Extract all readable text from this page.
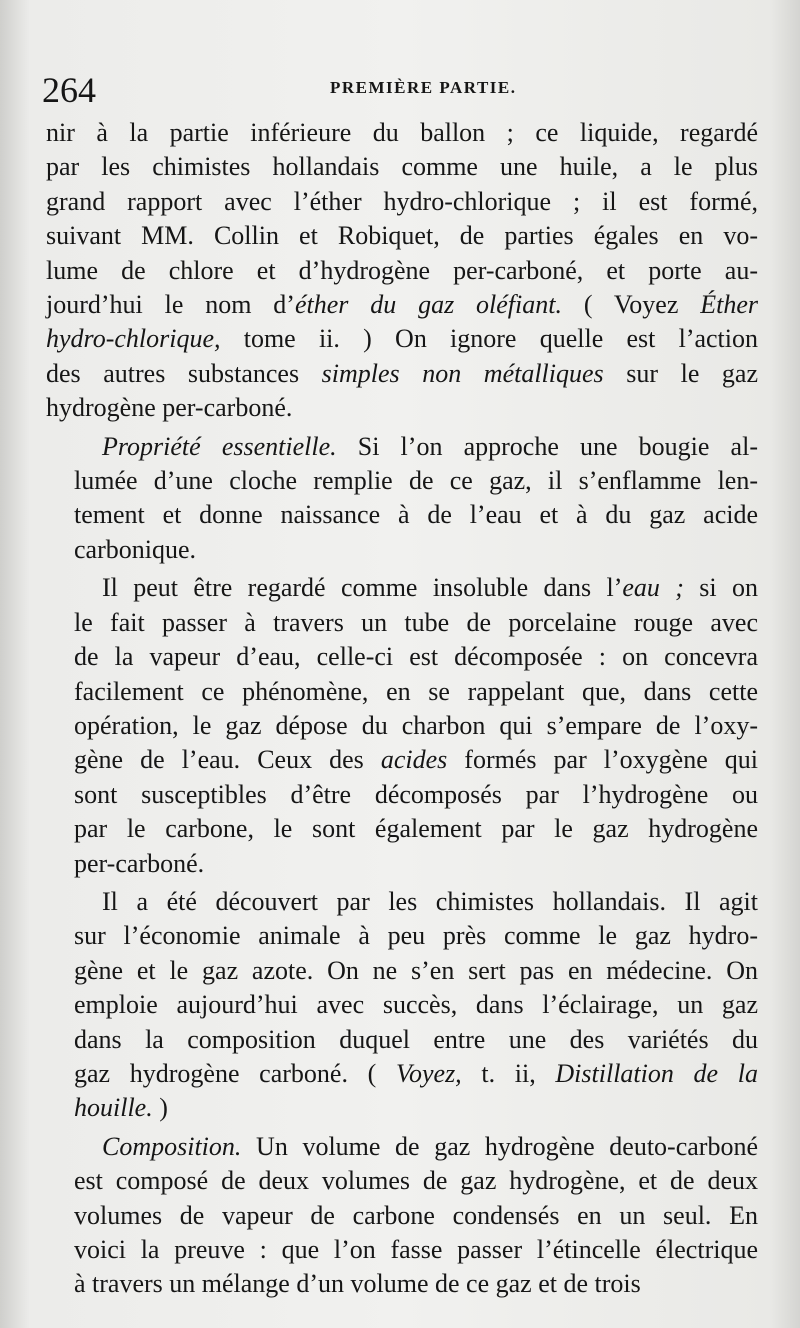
264	PREMIÈRE PARTIE.
nir à la partie inférieure du ballon ; ce liquide, regardé
par les chimistes hollandais comme une huile, a le plus
grand rapport avec l’éther hydro-chlorique ; il est formé,
suivant MM. Collin et Robiquet, de parties égales en vo-
lume de chlore et d’hydrogène per-carboné, et porte au-
jourd’hui le nom d’éther du gaz oléfiant. ( Voyez Éther
hydro-chlorique, tome ii. ) On ignore quelle est l’action
des autres substances simples non métalliques sur le gaz
hydrogène per-carboné.
Propriété essentielle. Si l’on approche une bougie al-
lumée d’une cloche remplie de ce gaz, il s’enflamme len-
tement et donne naissance à de l’eau et à du gaz acide
carbonique.
Il peut être regardé comme insoluble dans l’eau ; si on
le fait passer à travers un tube de porcelaine rouge avec
de la vapeur d’eau, celle-ci est décomposée : on concevra
facilement ce phénomène, en se rappelant que, dans cette
opération, le gaz dépose du charbon qui s’empare de l’oxy-
gène de l’eau. Ceux des acides formés par l’oxygène qui
sont susceptibles d’être décomposés par l’hydrogène ou
par le carbone, le sont également par le gaz hydrogène
per-carboné.
Il a été découvert par les chimistes hollandais. Il agit
sur l’économie animale à peu près comme le gaz hydro-
gène et le gaz azote. On ne s’en sert pas en médecine. On
emploie aujourd’hui avec succès, dans l’éclairage, un gaz
dans la composition duquel entre une des variétés du
gaz hydrogène carboné. ( Voyez, t. ii, Distillation de la
houille. )
Composition. Un volume de gaz hydrogène deuto-carboné
est composé de deux volumes de gaz hydrogène, et de deux
volumes de vapeur de carbone condensés en un seul. En
voici la preuve : que l’on fasse passer l’étincelle électrique
à travers un mélange d’un volume de ce gaz et de trois
